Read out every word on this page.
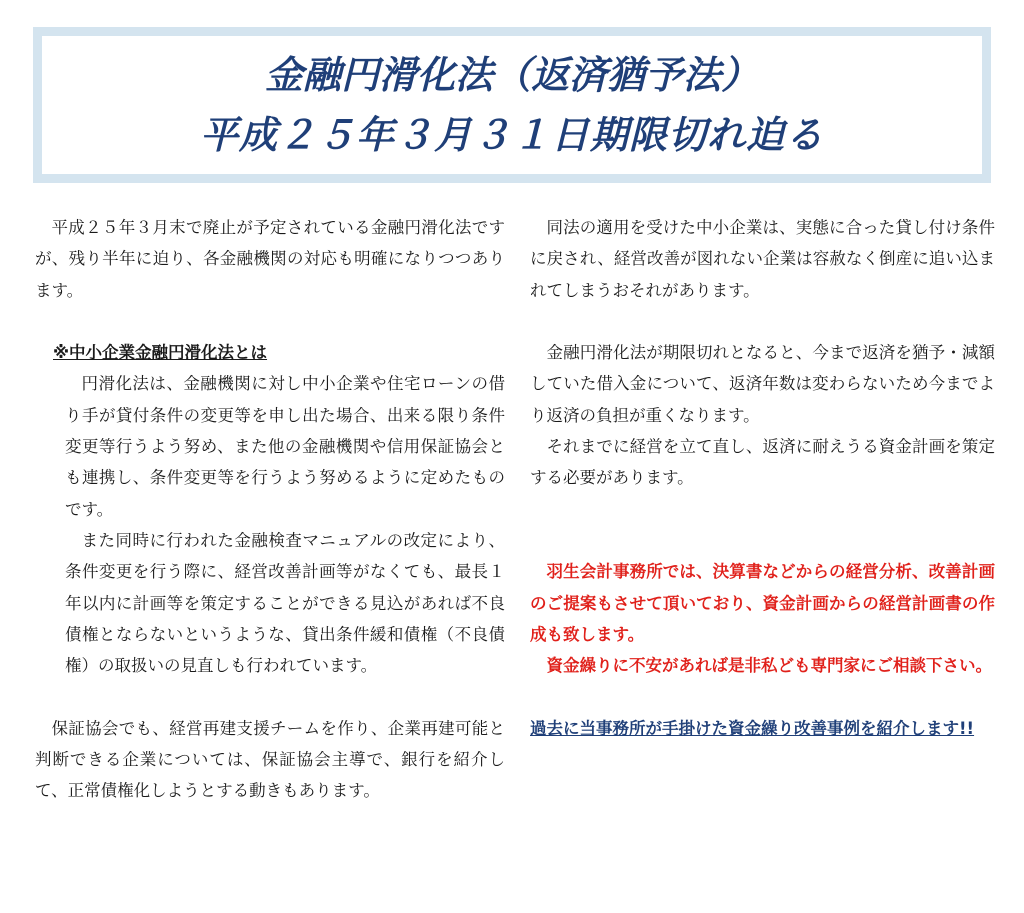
金融円滑化法（返済猶予法）
平成２５年３月３１日期限切れ迫る

平成２５年３月末で廃止が予定されている金融円滑化法ですが、残り半年に迫り、各金融機関の対応も明確になりつつあります。

※中小企業金融円滑化法とは

円滑化法は、金融機関に対し中小企業や住宅ローンの借り手が貸付条件の変更等を申し出た場合、出来る限り条件変更等行うよう努め、また他の金融機関や信用保証協会とも連携し、条件変更等を行うよう努めるように定めたものです。

また同時に行われた金融検査マニュアルの改定により、条件変更を行う際に、経営改善計画等がなくても、最長１年以内に計画等を策定することができる見込があれば不良債権とならないというような、貸出条件緩和債権（不良債権）の取扱いの見直しも行われています。

保証協会でも、経営再建支援チームを作り、企業再建可能と判断できる企業については、保証協会主導で、銀行を紹介して、正常債権化しようとする動きもあります。

同法の適用を受けた中小企業は、実態に合った貸し付け条件に戻され、経営改善が図れない企業は容赦なく倒産に追い込まれてしまうおそれがあります。

金融円滑化法が期限切れとなると、今まで返済を猶予・減額していた借入金について、返済年数は変わらないため今までより返済の負担が重くなります。

それまでに経営を立て直し、返済に耐えうる資金計画を策定する必要があります。

羽生会計事務所では、決算書などからの経営分析、改善計画のご提案もさせて頂いており、資金計画からの経営計画書の作成も致します。

資金繰りに不安があれば是非私ども専門家にご相談下さい。

過去に当事務所が手掛けた資金繰り改善事例を紹介します!!
